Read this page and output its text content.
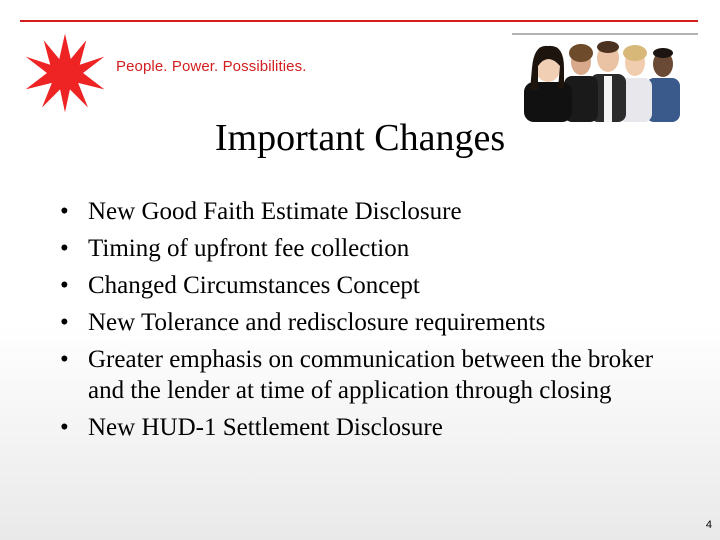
People. Power. Possibilities.
Important Changes
• New Good Faith Estimate Disclosure
• Timing of upfront fee collection
• Changed Circumstances Concept
• New Tolerance and redisclosure requirements
• Greater emphasis on communication between the broker and the lender at time of application through closing
• New HUD-1 Settlement Disclosure
4
